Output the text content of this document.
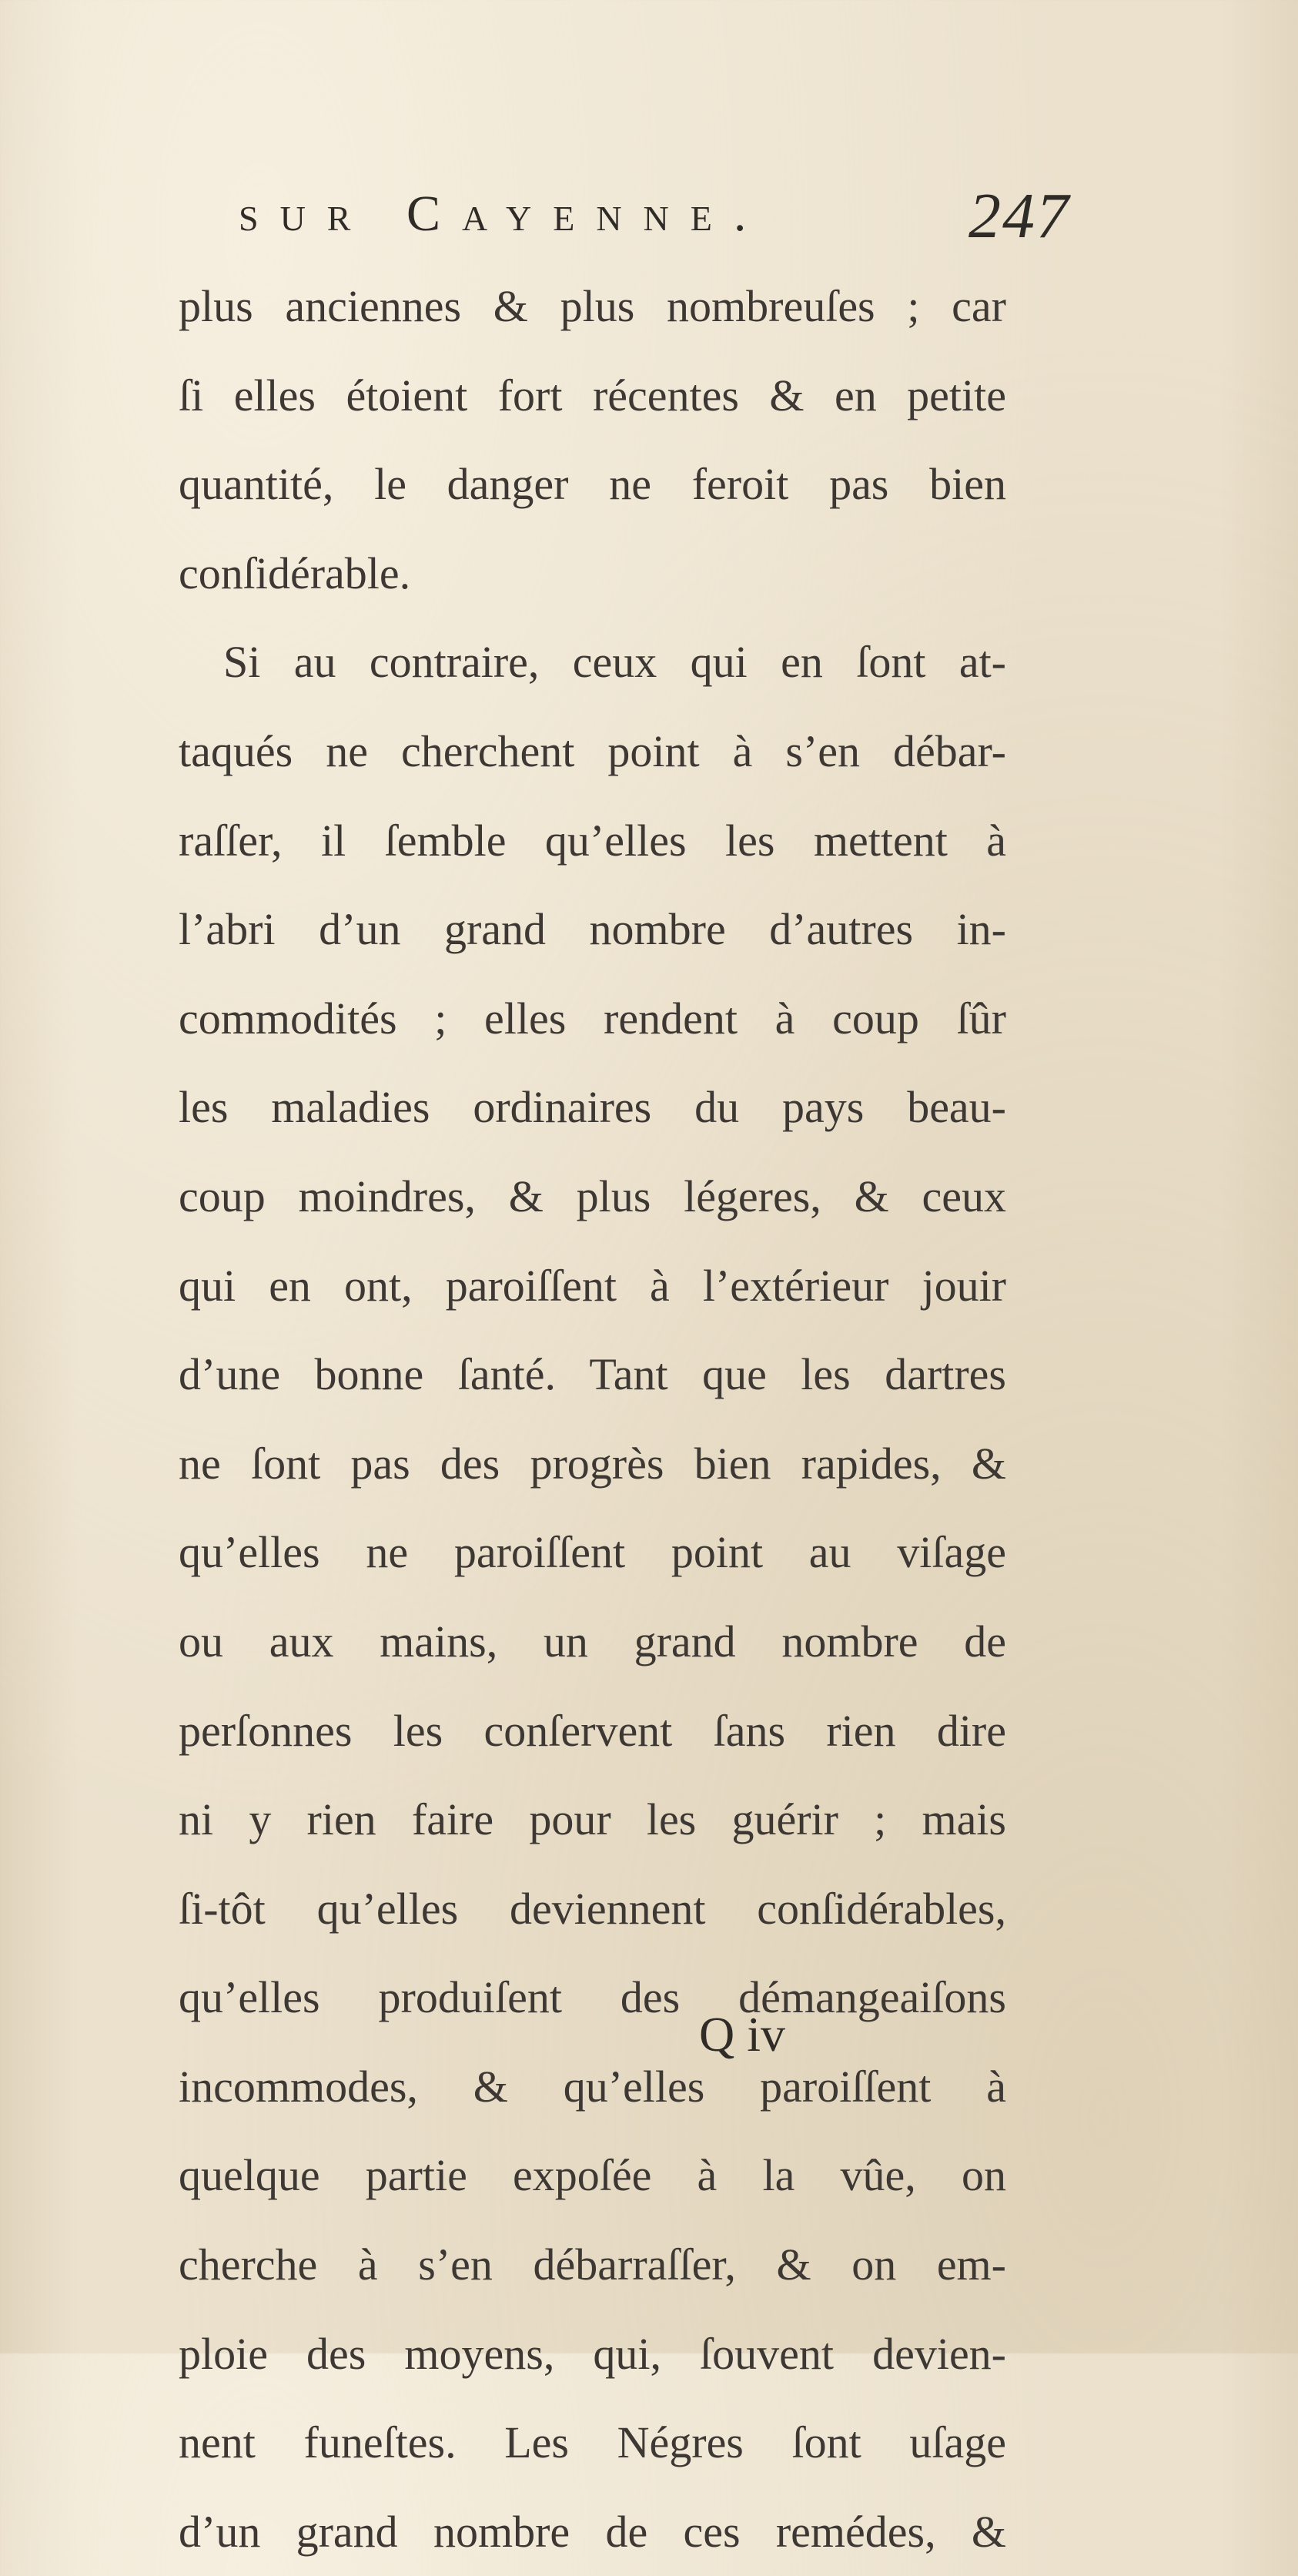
sur Cayenne.	247
plus anciennes & plus nombreuſes ; car
ſi elles étoient fort récentes & en petite
quantité, le danger ne feroit pas bien
conſidérable.
Si au contraire, ceux qui en ſont at-
taqués ne cherchent point à s’en débar-
raſſer, il ſemble qu’elles les mettent à
l’abri d’un grand nombre d’autres in-
commodités ; elles rendent à coup ſûr
les maladies ordinaires du pays beau-
coup moindres, & plus légeres, & ceux
qui en ont, paroiſſent à l’extérieur jouir
d’une bonne ſanté. Tant que les dartres
ne ſont pas des progrès bien rapides, &
qu’elles ne paroiſſent point au viſage
ou aux mains, un grand nombre de
perſonnes les conſervent ſans rien dire
ni y rien faire pour les guérir ; mais
ſi-tôt qu’elles deviennent conſidérables,
qu’elles produiſent des démangeaiſons
incommodes, & qu’elles paroiſſent à
quelque partie expoſée à la vûe, on
cherche à s’en débarraſſer, & on em-
ploie des moyens, qui, ſouvent devien-
nent funeſtes. Les Négres ſont uſage
d’un grand nombre de ces remédes, &
Q iv
